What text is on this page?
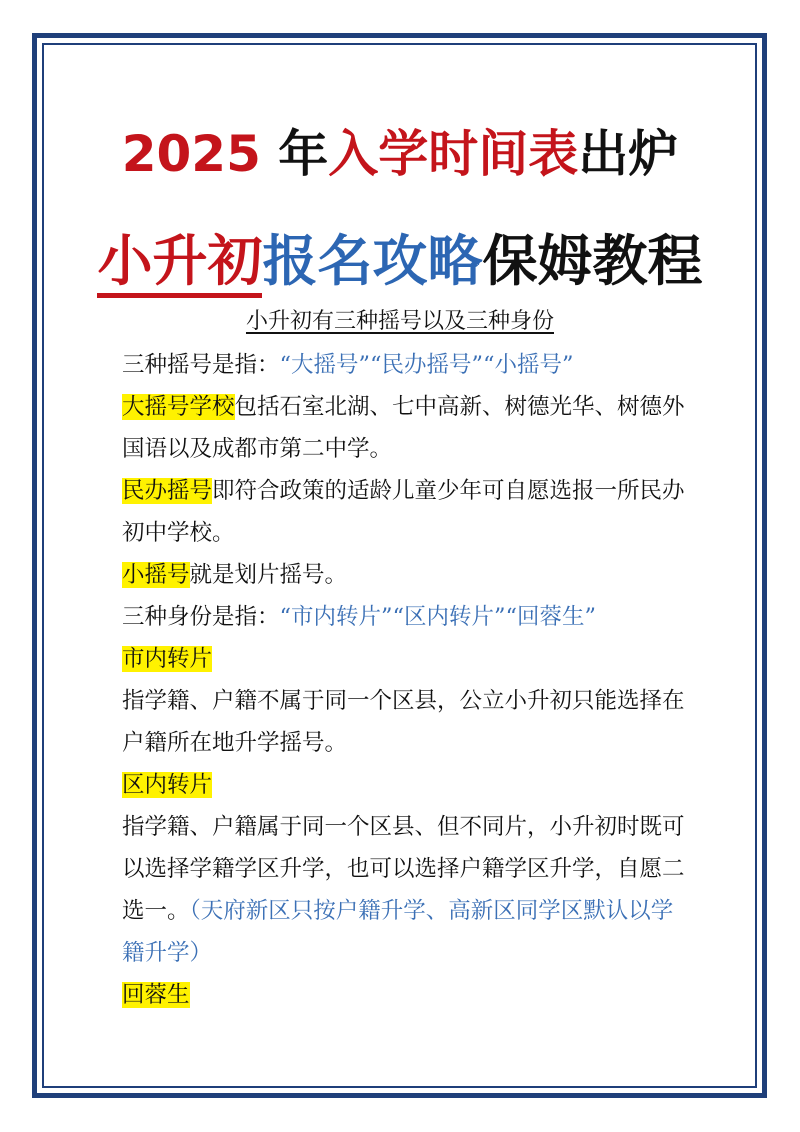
2025 年入学时间表出炉
小升初报名攻略保姆教程
小升初有三种摇号以及三种身份

三种摇号是指：“大摇号”“民办摇号”“小摇号”

大摇号学校包括石室北湖、七中高新、树德光华、树德外国语以及成都市第二中学。

民办摇号即符合政策的适龄儿童少年可自愿选报一所民办初中学校。

小摇号就是划片摇号。

三种身份是指：“市内转片”“区内转片”“回蓉生”

市内转片

指学籍、户籍不属于同一个区县，公立小升初只能选择在户籍所在地升学摇号。

区内转片

指学籍、户籍属于同一个区县、但不同片，小升初时既可以选择学籍学区升学，也可以选择户籍学区升学，自愿二选一。（天府新区只按户籍升学、高新区同学区默认以学籍升学）

回蓉生
